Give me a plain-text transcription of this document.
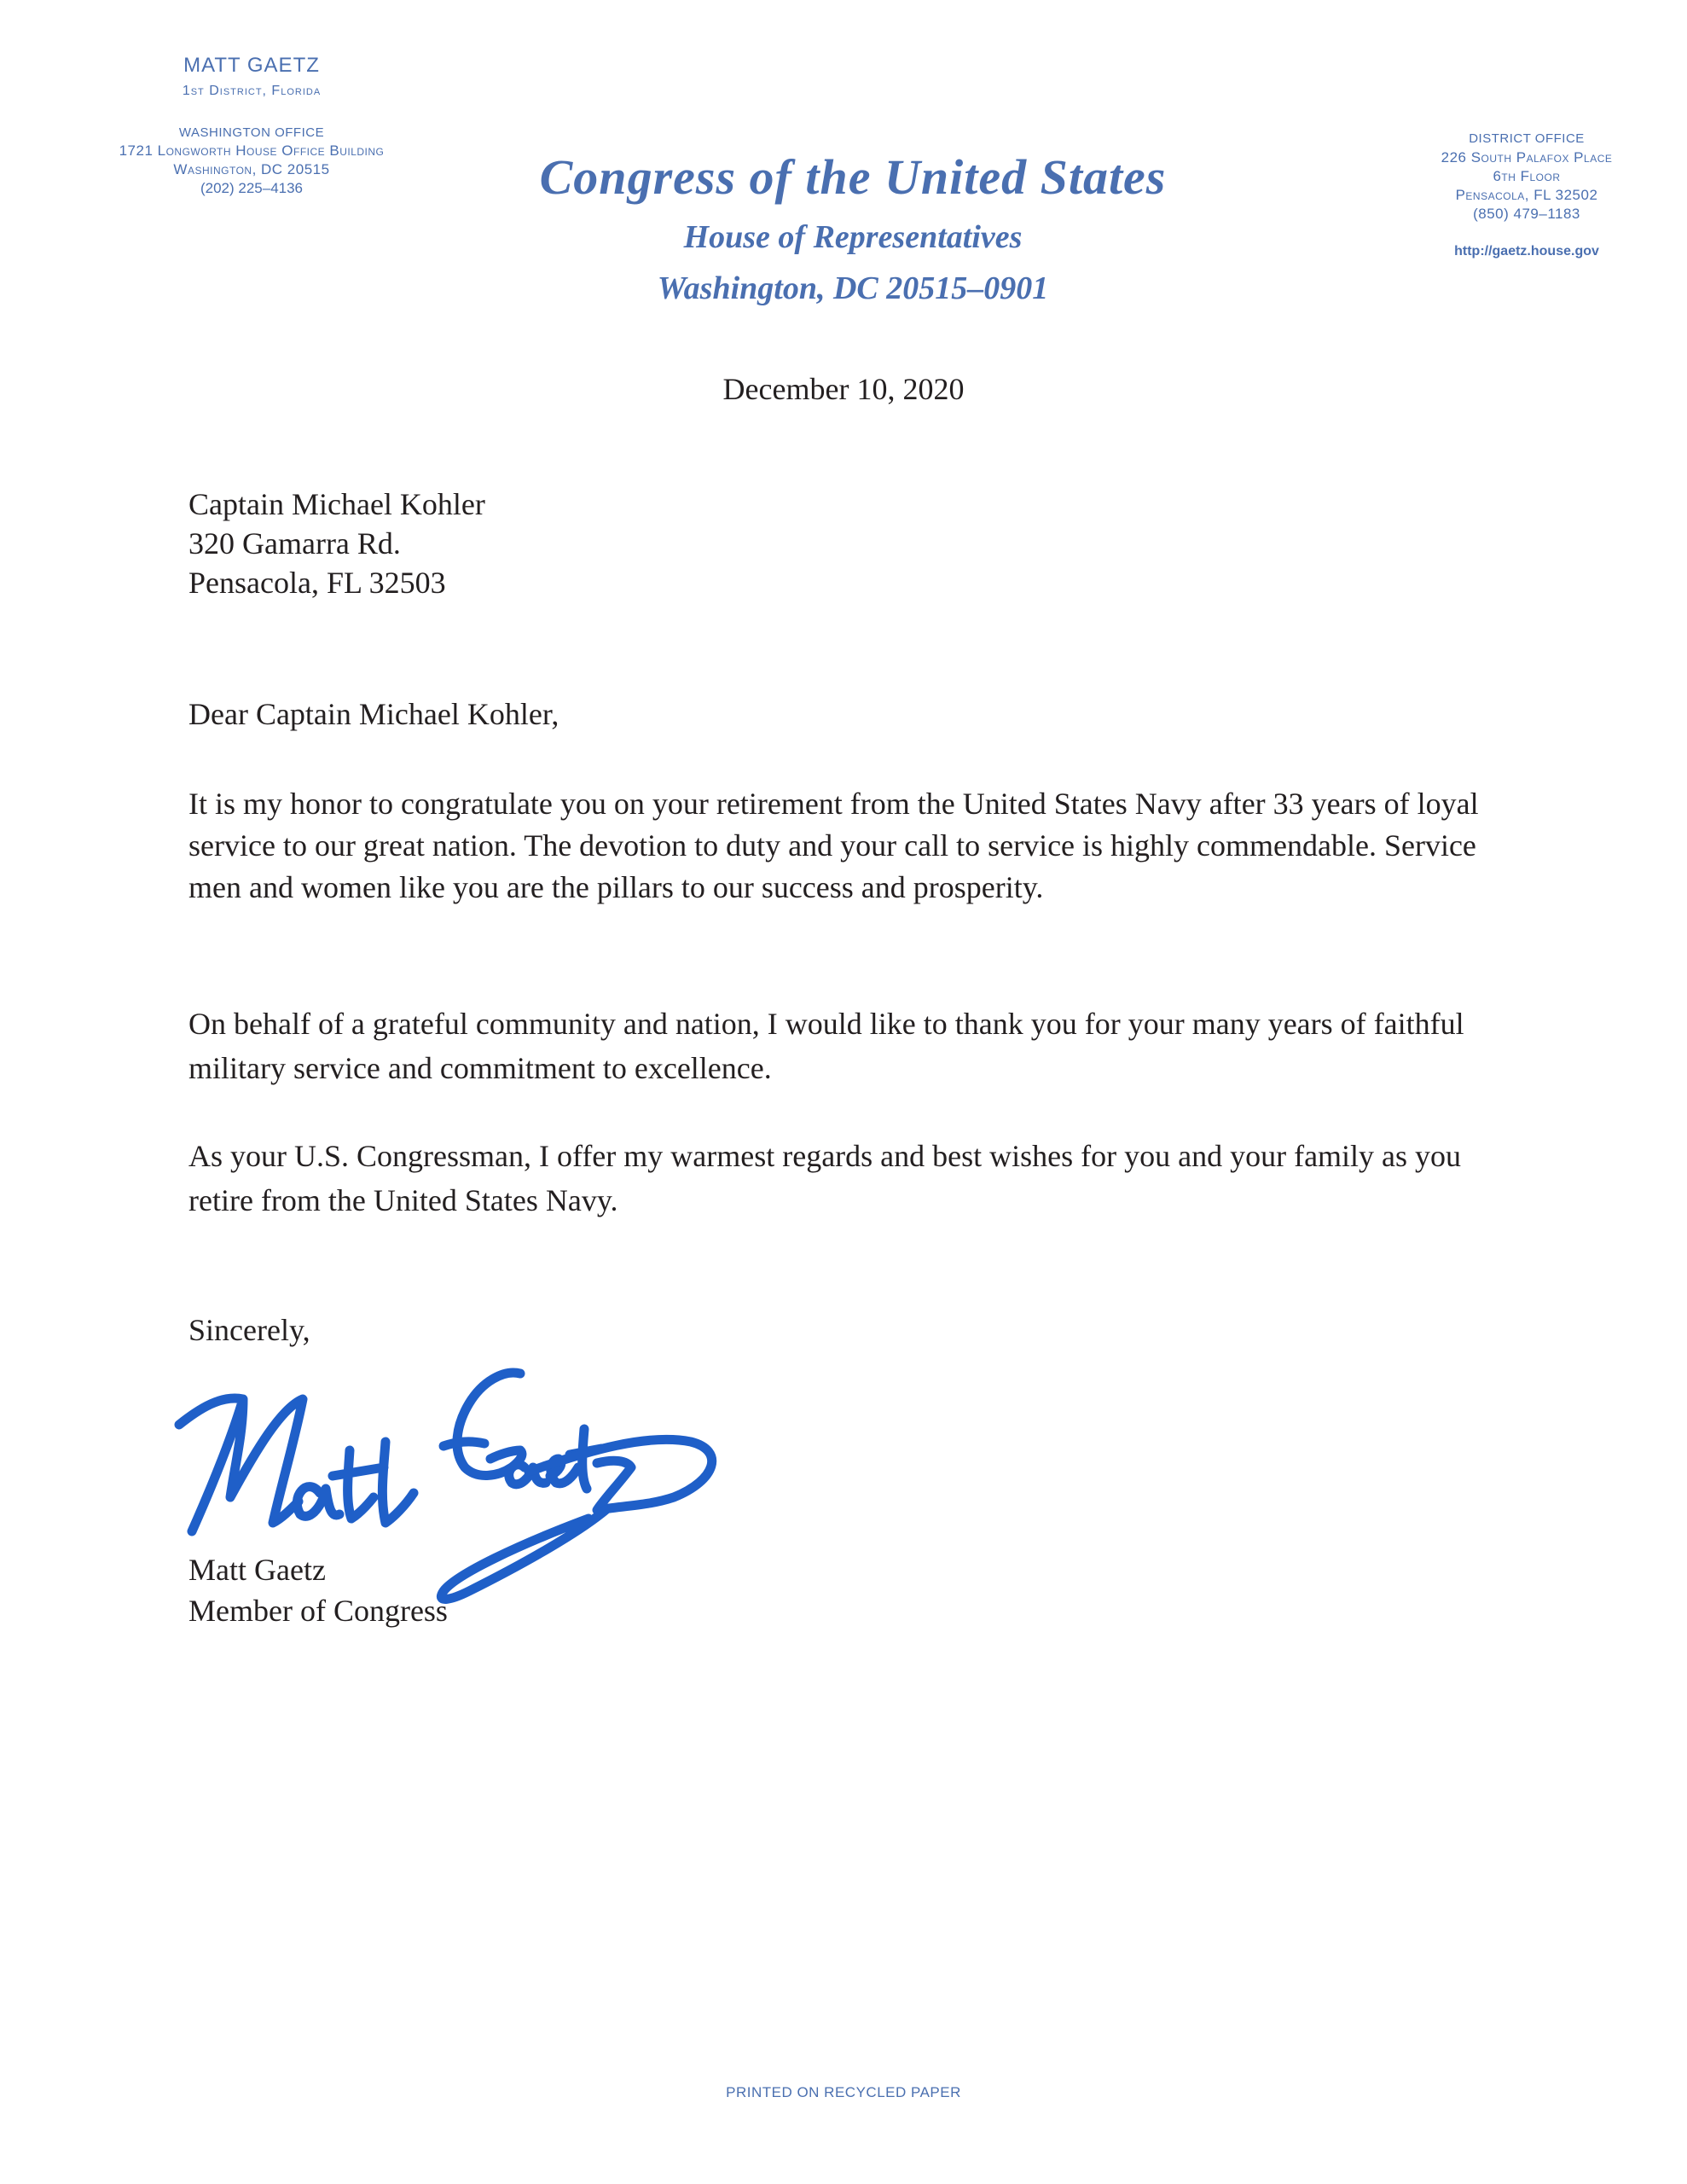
MATT GAETZ

1st District, Florida

WASHINGTON OFFICE

1721 Longworth House Office Building

Washington, DC 20515

(202) 225–4136	Congress of the United States

House of Representatives

Washington, DC 20515–0901

DISTRICT OFFICE

226 South Palafox Place

6th Floor

Pensacola, FL 32502

(850) 479–1183

http://gaetz.house.gov

December 10, 2020
Captain Michael Kohler
320 Gamarra Rd.
Pensacola, FL 32503

Dear Captain Michael Kohler,

It is my honor to congratulate you on your retirement from the United States Navy after 33 years of loyal service to our great nation. The devotion to duty and your call to service is highly commendable. Service men and women like you are the pillars to our success and prosperity.

On behalf of a grateful community and nation, I would like to thank you for your many years of faithful military service and commitment to excellence.

As your U.S. Congressman, I offer my warmest regards and best wishes for you and your family as you retire from the United States Navy.

Sincerely,

Matt Gaetz
Member of Congress
PRINTED ON RECYCLED PAPER
